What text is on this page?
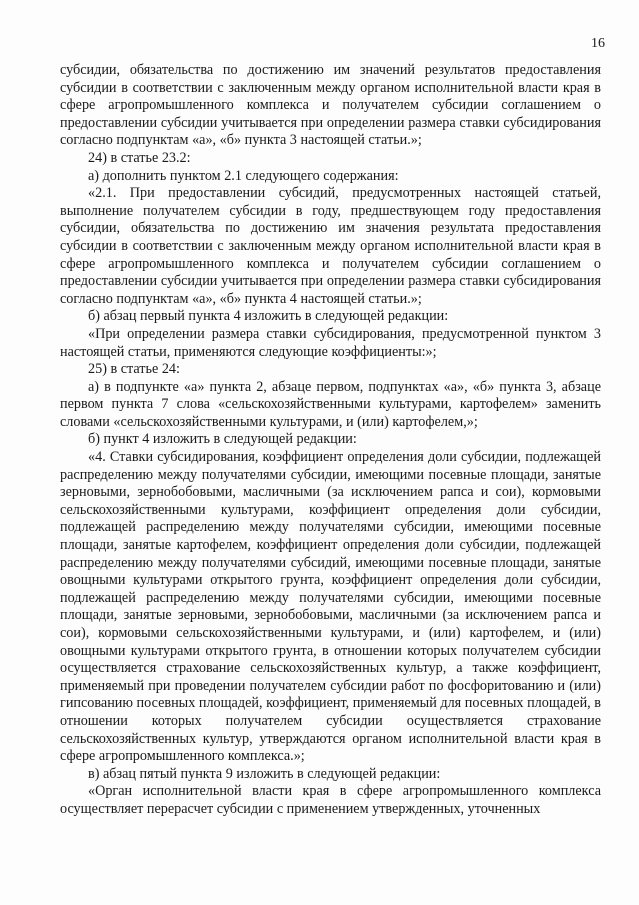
16

субсидии, обязательства по достижению им значений результатов предоставления субсидии в соответствии с заключенным между органом исполнительной власти края в сфере агропромышленного комплекса и получателем субсидии соглашением о предоставлении субсидии учитывается при определении размера ставки субсидирования согласно подпунктам «а», «б» пункта 3 настоящей статьи.»;

24) в статье 23.2:

а) дополнить пунктом 2.1 следующего содержания:

«2.1. При предоставлении субсидий, предусмотренных настоящей статьей, выполнение получателем субсидии в году, предшествующем году предоставления субсидии, обязательства по достижению им значения результата предоставления субсидии в соответствии с заключенным между органом исполнительной власти края в сфере агропромышленного комплекса и получателем субсидии соглашением о предоставлении субсидии учитывается при определении размера ставки субсидирования согласно подпунктам «а», «б» пункта 4 настоящей статьи.»;

б) абзац первый пункта 4 изложить в следующей редакции:

«При определении размера ставки субсидирования, предусмотренной пунктом 3 настоящей статьи, применяются следующие коэффициенты:»;

25) в статье 24:

а) в подпункте «а» пункта 2, абзаце первом, подпунктах «а», «б» пункта 3, абзаце первом пункта 7 слова «сельскохозяйственными культурами, картофелем» заменить словами «сельскохозяйственными культурами, и (или) картофелем,»;

б) пункт 4 изложить в следующей редакции:

«4. Ставки субсидирования, коэффициент определения доли субсидии, подлежащей распределению между получателями субсидии, имеющими посевные площади, занятые зерновыми, зернобобовыми, масличными (за исключением рапса и сои), кормовыми сельскохозяйственными культурами, коэффициент определения доли субсидии, подлежащей распределению между получателями субсидии, имеющими посевные площади, занятые картофелем, коэффициент определения доли субсидии, подлежащей распределению между получателями субсидий, имеющими посевные площади, занятые овощными культурами открытого грунта, коэффициент определения доли субсидии, подлежащей распределению между получателями субсидии, имеющими посевные площади, занятые зерновыми, зернобобовыми, масличными (за исключением рапса и сои), кормовыми сельскохозяйственными культурами, и (или) картофелем, и (или) овощными культурами открытого грунта, в отношении которых получателем субсидии осуществляется страхование сельскохозяйственных культур, а также коэффициент, применяемый при проведении получателем субсидии работ по фосфоритованию и (или) гипсованию посевных площадей, коэффициент, применяемый для посевных площадей, в отношении которых получателем субсидии осуществляется страхование сельскохозяйственных культур, утверждаются органом исполнительной власти края в сфере агропромышленного комплекса.»;

в) абзац пятый пункта 9 изложить в следующей редакции:

«Орган исполнительной власти края в сфере агропромышленного комплекса осуществляет перерасчет субсидии с применением утвержденных, уточненных
